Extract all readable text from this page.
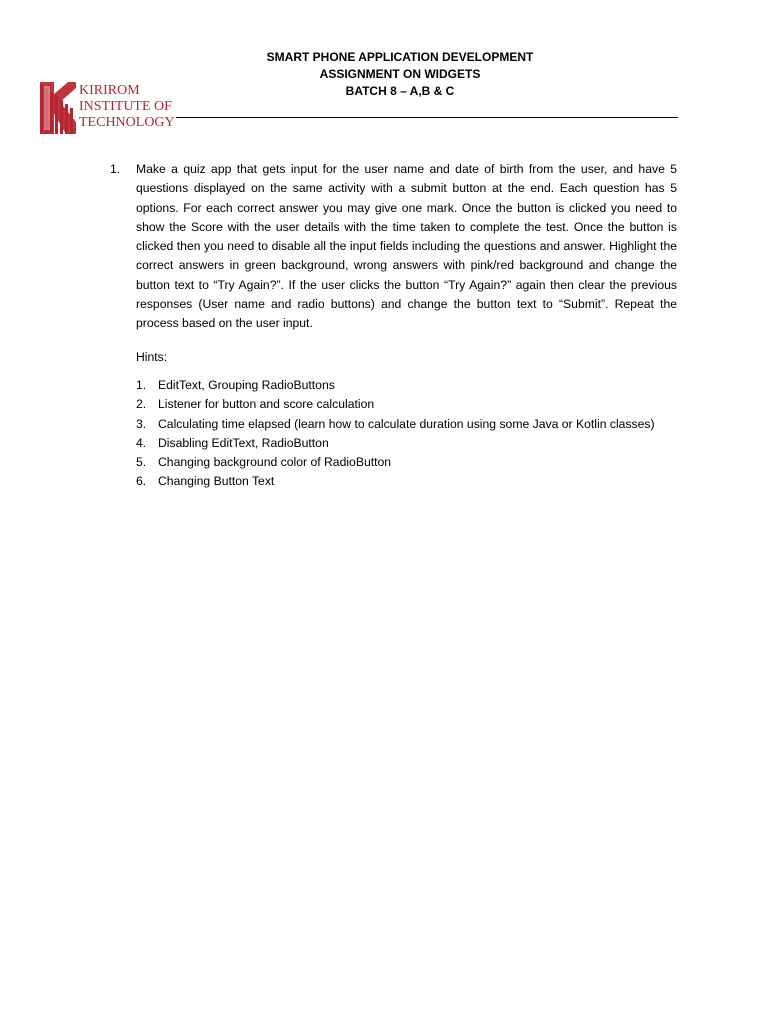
SMART PHONE APPLICATION DEVELOPMENT
ASSIGNMENT ON WIDGETS
BATCH 8 – A,B & C
KIRIROM
INSTITUTE OF
TECHNOLOGY
1. Make a quiz app that gets input for the user name and date of birth from the user, and have 5 questions displayed on the same activity with a submit button at the end. Each question has 5 options. For each correct answer you may give one mark. Once the button is clicked you need to show the Score with the user details with the time taken to complete the test. Once the button is clicked then you need to disable all the input fields including the questions and answer. Highlight the correct answers in green background, wrong answers with pink/red background and change the button text to “Try Again?”. If the user clicks the button “Try Again?” again then clear the previous responses (User name and radio buttons) and change the button text to “Submit”. Repeat the process based on the user input.
Hints:
1. EditText, Grouping RadioButtons
2. Listener for button and score calculation
3. Calculating time elapsed (learn how to calculate duration using some Java or Kotlin classes)
4. Disabling EditText, RadioButton
5. Changing background color of RadioButton
6. Changing Button Text
